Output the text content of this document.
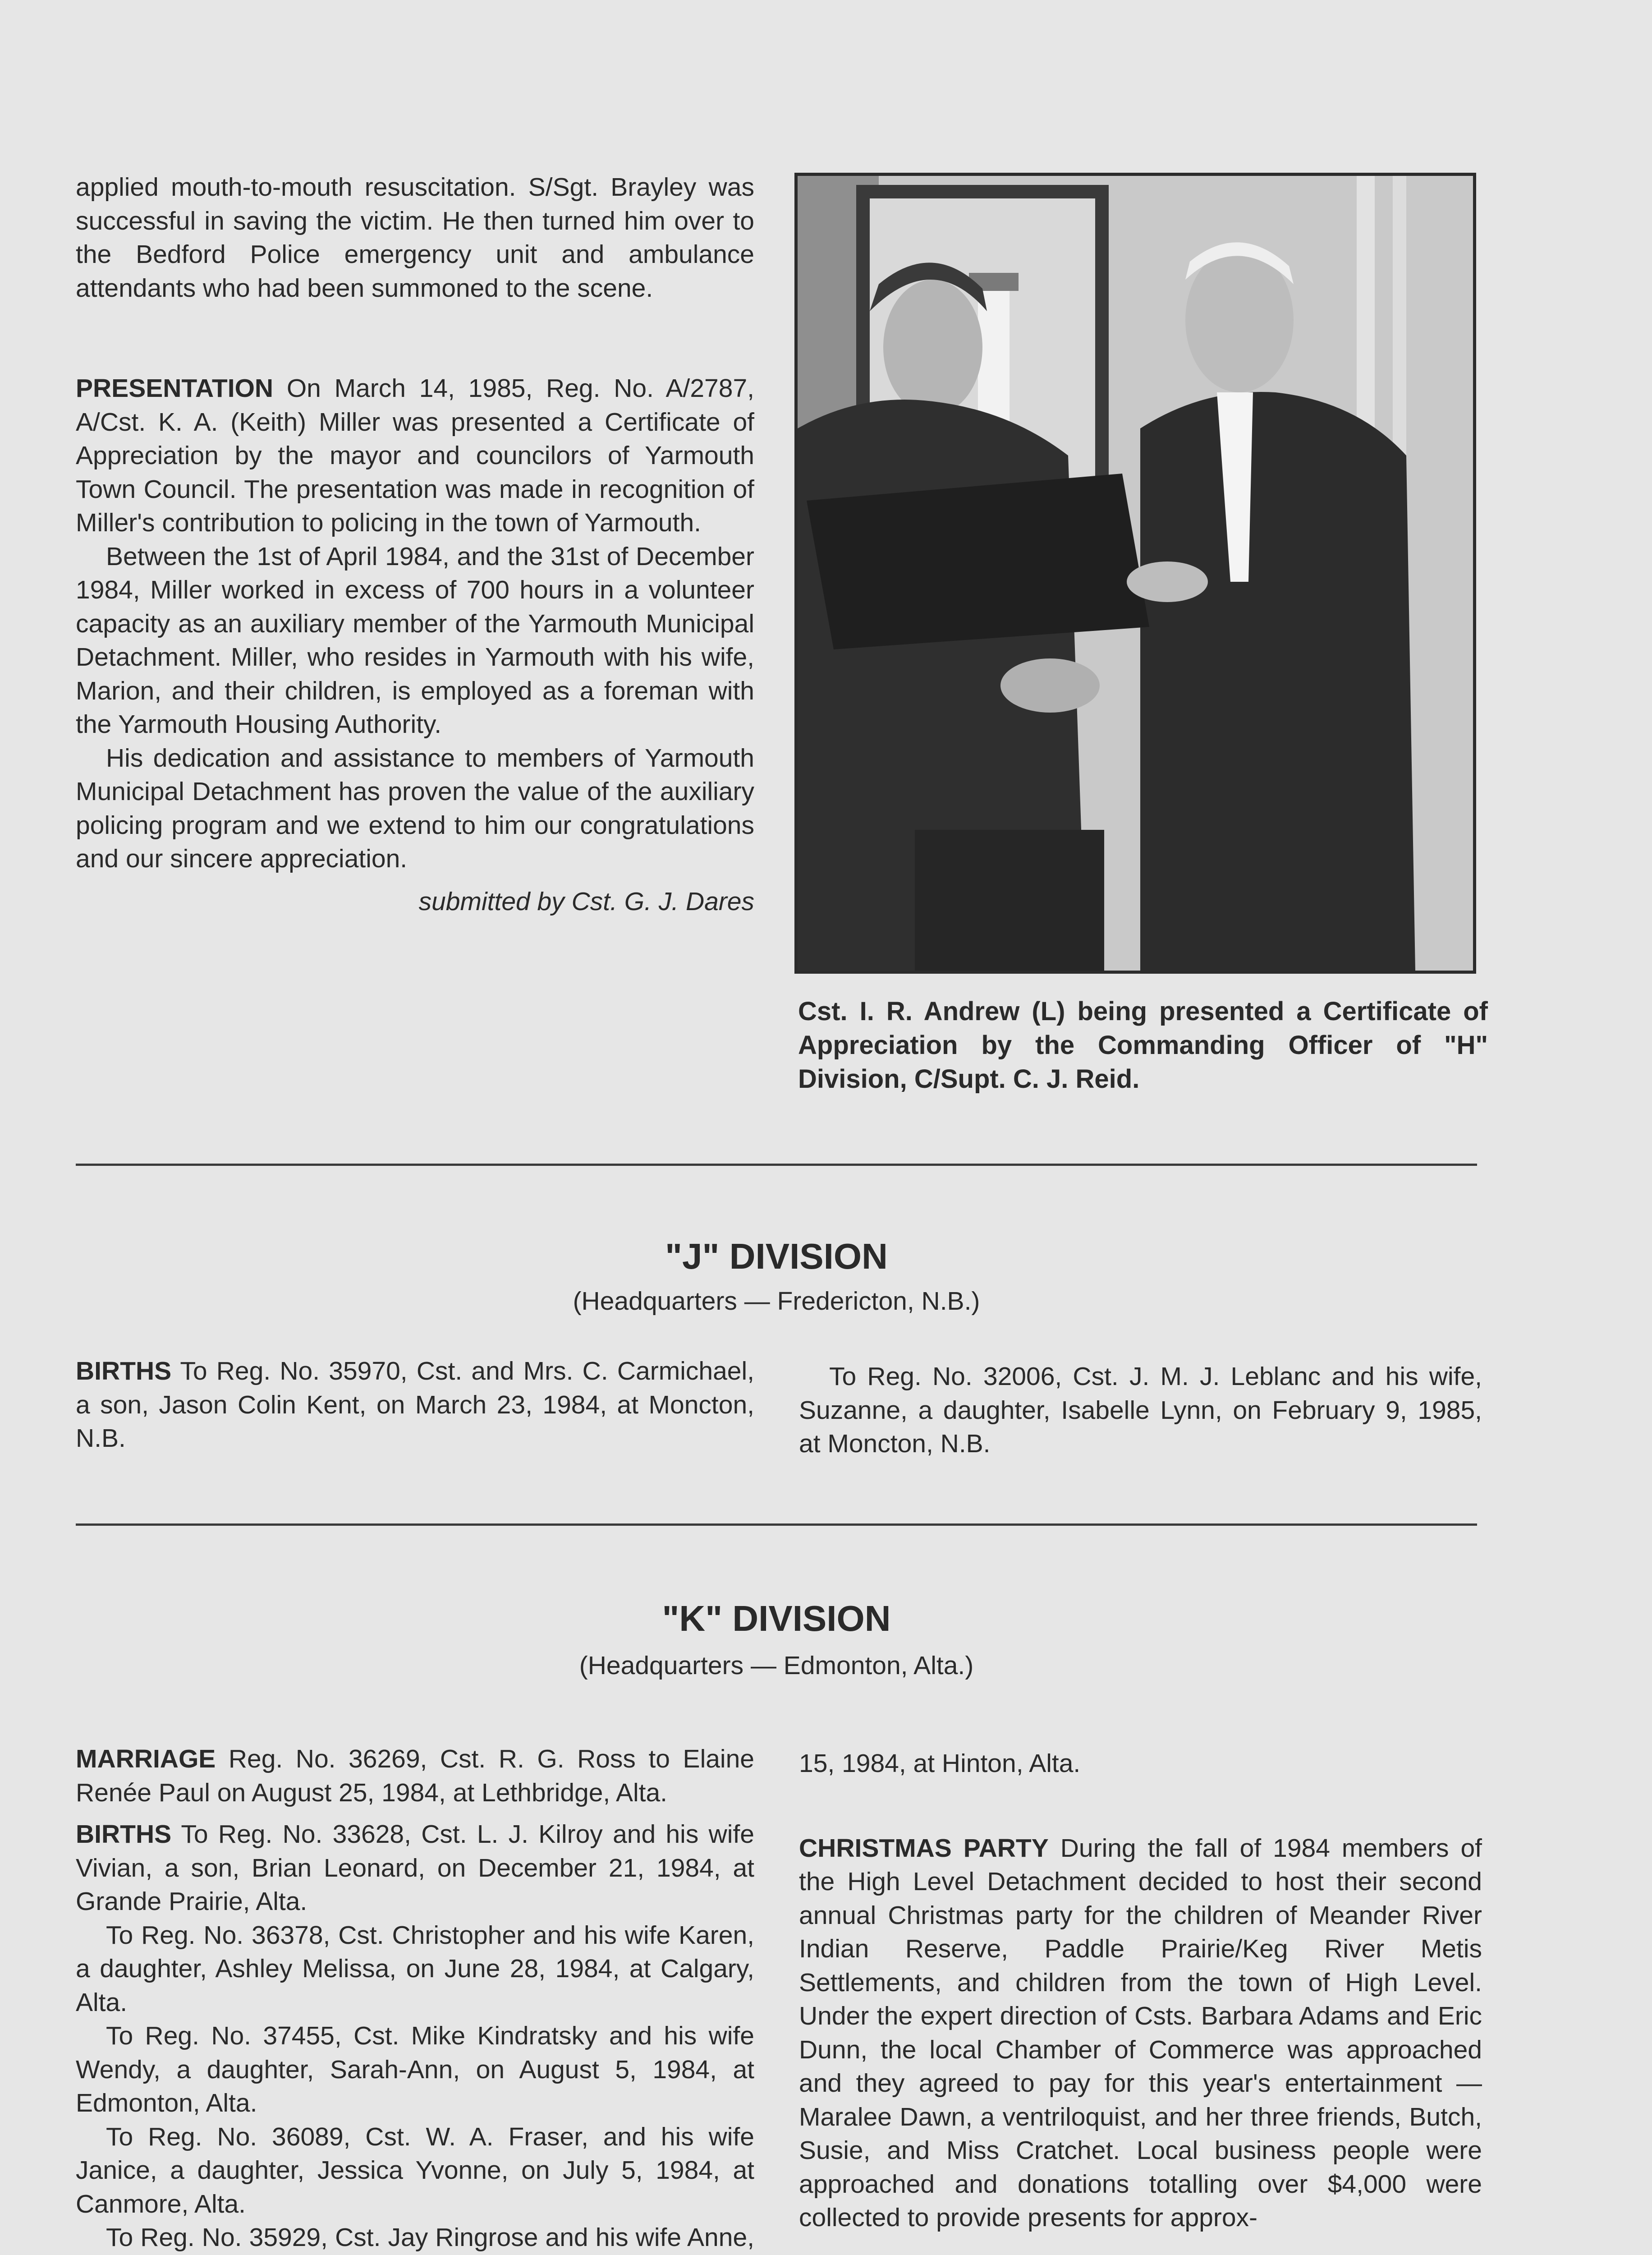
applied mouth-to-mouth resuscitation. S/Sgt. Brayley was successful in saving the victim. He then turned him over to the Bedford Police emergency unit and ambulance attendants who had been summoned to the scene.

PRESENTATION On March 14, 1985, Reg. No. A/2787, A/Cst. K. A. (Keith) Miller was presented a Certificate of Appreciation by the mayor and councilors of Yarmouth Town Council. The presentation was made in recognition of Miller's contribution to policing in the town of Yarmouth.

Between the 1st of April 1984, and the 31st of December 1984, Miller worked in excess of 700 hours in a volunteer capacity as an auxiliary member of the Yarmouth Municipal Detachment. Miller, who resides in Yarmouth with his wife, Marion, and their children, is employed as a foreman with the Yarmouth Housing Authority.

His dedication and assistance to members of Yarmouth Municipal Detachment has proven the value of the auxiliary policing program and we extend to him our congratulations and our sincere appreciation.

submitted by Cst. G. J. Dares

Cst. I. R. Andrew (L) being presented a Certificate of Appreciation by the Commanding Officer of "H" Division, C/Supt. C. J. Reid.
"J" DIVISION
(Headquarters — Fredericton, N.B.)

BIRTHS To Reg. No. 35970, Cst. and Mrs. C. Carmichael, a son, Jason Colin Kent, on March 23, 1984, at Moncton, N.B.

To Reg. No. 32006, Cst. J. M. J. Leblanc and his wife, Suzanne, a daughter, Isabelle Lynn, on February 9, 1985, at Moncton, N.B.

"K" DIVISION
(Headquarters — Edmonton, Alta.)

MARRIAGE Reg. No. 36269, Cst. R. G. Ross to Elaine Renée Paul on August 25, 1984, at Lethbridge, Alta.

BIRTHS To Reg. No. 33628, Cst. L. J. Kilroy and his wife Vivian, a son, Brian Leonard, on December 21, 1984, at Grande Prairie, Alta.

To Reg. No. 36378, Cst. Christopher and his wife Karen, a daughter, Ashley Melissa, on June 28, 1984, at Calgary, Alta.

To Reg. No. 37455, Cst. Mike Kindratsky and his wife Wendy, a daughter, Sarah-Ann, on August 5, 1984, at Edmonton, Alta.

To Reg. No. 36089, Cst. W. A. Fraser, and his wife Janice, a daughter, Jessica Yvonne, on July 5, 1984, at Canmore, Alta.

To Reg. No. 35929, Cst. Jay Ringrose and his wife Anne,

15, 1984, at Hinton, Alta.

CHRISTMAS PARTY During the fall of 1984 members of the High Level Detachment decided to host their second annual Christmas party for the children of Meander River Indian Reserve, Paddle Prairie/Keg River Metis Settlements, and children from the town of High Level. Under the expert direction of Csts. Barbara Adams and Eric Dunn, the local Chamber of Commerce was approached and they agreed to pay for this year's entertainment — Maralee Dawn, a ventriloquist, and her three friends, Butch, Susie, and Miss Cratchet. Local business people were approached and donations totalling over $4,000 were collected to provide presents for approx-
